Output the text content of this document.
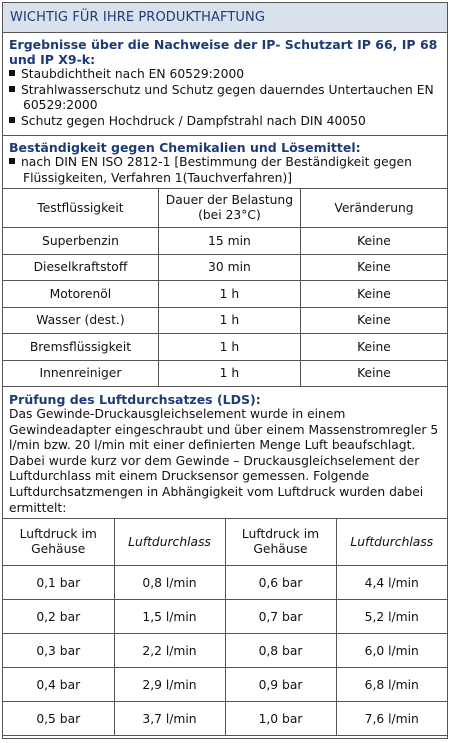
WICHTIG FÜR IHRE PRODUKTHAFTUNG
Ergebnisse über die Nachweise der IP- Schutzart IP 66, IP 68 und IP X9-k:
Staubdichtheit nach EN 60529:2000
Strahlwasserschutz und Schutz gegen dauerndes Untertauchen EN 60529:2000
Schutz gegen Hochdruck / Dampfstrahl nach DIN 40050
Beständigkeit gegen Chemikalien und Lösemittel:
nach DIN EN ISO 2812-1 [Bestimmung der Beständigkeit gegen Flüssigkeiten, Verfahren 1(Tauchverfahren)]
Testflüssigkeit	Dauer der Belastung (bei 23°C)	Veränderung
Superbenzin	15 min	Keine
Dieselkraftstoff	30 min	Keine
Motorenöl	1 h	Keine
Wasser (dest.)	1 h	Keine
Bremsflüssigkeit	1 h	Keine
Innenreiniger	1 h	Keine
Prüfung des Luftdurchsatzes (LDS):
Das Gewinde-Druckausgleichselement wurde in einem Gewindeadapter eingeschraubt und über einem Massenstromregler 5 l/min bzw. 20 l/min mit einer definierten Menge Luft beaufschlagt. Dabei wurde kurz vor dem Gewinde – Druckausgleichselement der Luftdurchlass mit einem Drucksensor gemessen. Folgende Luftdurchsatzmengen in Abhängigkeit vom Luftdruck wurden dabei ermittelt:
Luftdruck im Gehäuse	Luftdurchlass	Luftdruck im Gehäuse	Luftdurchlass
0,1 bar	0,8 l/min	0,6 bar	4,4 l/min
0,2 bar	1,5 l/min	0,7 bar	5,2 l/min
0,3 bar	2,2 l/min	0,8 bar	6,0 l/min
0,4 bar	2,9 l/min	0,9 bar	6,8 l/min
0,5 bar	3,7 l/min	1,0 bar	7,6 l/min
